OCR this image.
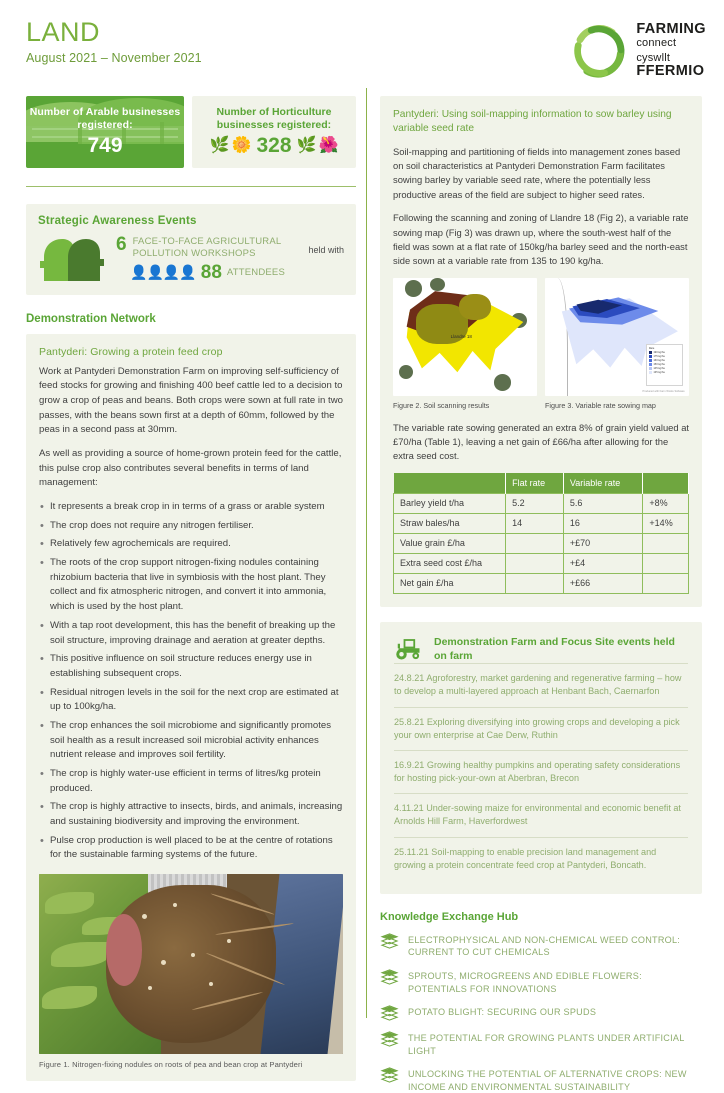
LAND
August 2021 – November 2021
FARMING
connect
cyswllt
FFERMIO
Number of Arable businesses registered:
749
Number of Horticulture businesses registered:
🌿 🌼 328 🌿 🌺
Strategic Awareness Events
6 FACE-TO-FACE AGRICULTURAL POLLUTION WORKSHOPS	held with
👤👤👤👤 88 ATTENDEES
Demonstration Network
Pantyderi: Growing a protein feed crop

Work at Pantyderi Demonstration Farm on improving self-sufficiency of feed stocks for growing and finishing 400 beef cattle led to a decision to grow a crop of peas and beans. Both crops were sown at full rate in two passes, with the beans sown first at a depth of 60mm, followed by the peas in a second pass at 30mm.

As well as providing a source of home-grown protein feed for the cattle, this pulse crop also contributes several benefits in terms of land management:

• It represents a break crop in in terms of a grass or arable system
• The crop does not require any nitrogen fertiliser.
• Relatively few agrochemicals are required.
• The roots of the crop support nitrogen-fixing nodules containing rhizobium bacteria that live in symbiosis with the host plant. They collect and fix atmospheric nitrogen, and convert it into ammonia, which is used by the host plant.
• With a tap root development, this has the benefit of breaking up the soil structure, improving drainage and aeration at greater depths.
• This positive influence on soil structure reduces energy use in establishing subsequent crops.
• Residual nitrogen levels in the soil for the next crop are estimated at up to 100kg/ha.
• The crop enhances the soil microbiome and significantly promotes soil health as a result increased soil microbial activity enhances nutrient release and improves soil fertility.
• The crop is highly water-use efficient in terms of litres/kg protein produced.
• The crop is highly attractive to insects, birds, and animals, increasing and sustaining biodiversity and improving the environment.
• Pulse crop production is well placed to be at the centre of rotations for the sustainable farming systems of the future.
Figure 1. Nitrogen-fixing nodules on roots of pea and bean crop at Pantyderi
Pantyderi: Using soil-mapping information to sow barley using variable seed rate

Soil-mapping and partitioning of fields into management zones based on soil characteristics at Pantyderi Demonstration Farm facilitates sowing barley by variable seed rate, where the potentially less productive areas of the field are subject to higher seed rates.

Following the scanning and zoning of Llandre 18 (Fig 2), a variable rate sowing map (Fig 3) was drawn up, where the south-west half of the field was sown at a flat rate of 150kg/ha barley seed and the north-east side sown at a variable rate from 135 to 190 kg/ha.

Llandre 18
Figure 2. Soil scanning results
Rate
190 kg/ha
175 kg/ha
160 kg/ha
150 kg/ha
145 kg/ha
135 kg/ha
Produced with Farm Works Software
Figure 3. Variable rate sowing map

The variable rate sowing generated an extra 8% of grain yield valued at £70/ha (Table 1), leaving a net gain of £66/ha after allowing for the extra seed cost.

	Flat rate	Variable rate	
Barley yield t/ha	5.2	5.6	+8%
Straw bales/ha	14	16	+14%
Value grain £/ha		+£70	
Extra seed cost £/ha		+£4	
Net gain £/ha		+£66	
Demonstration Farm and Focus Site events held on farm
24.8.21 Agroforestry, market gardening and regenerative farming – how to develop a multi-layered approach at Henbant Bach, Caernarfon
25.8.21 Exploring diversifying into growing crops and developing a pick your own enterprise at Cae Derw, Ruthin
16.9.21 Growing healthy pumpkins and operating safety considerations for hosting pick-your-own at Aberbran, Brecon
4.11.21 Under-sowing maize for environmental and economic benefit at Arnolds Hill Farm, Haverfordwest
25.11.21 Soil-mapping to enable precision land management and growing a protein concentrate feed crop at Pantyderi, Boncath.
Knowledge Exchange Hub
ELECTROPHYSICAL AND NON-CHEMICAL WEED CONTROL: CURRENT TO CUT CHEMICALS
SPROUTS, MICROGREENS AND EDIBLE FLOWERS: POTENTIALS FOR INNOVATIONS
POTATO BLIGHT: SECURING OUR SPUDS
THE POTENTIAL FOR GROWING PLANTS UNDER ARTIFICIAL LIGHT
UNLOCKING THE POTENTIAL OF ALTERNATIVE CROPS: NEW INCOME AND ENVIRONMENTAL SUSTAINABILITY
